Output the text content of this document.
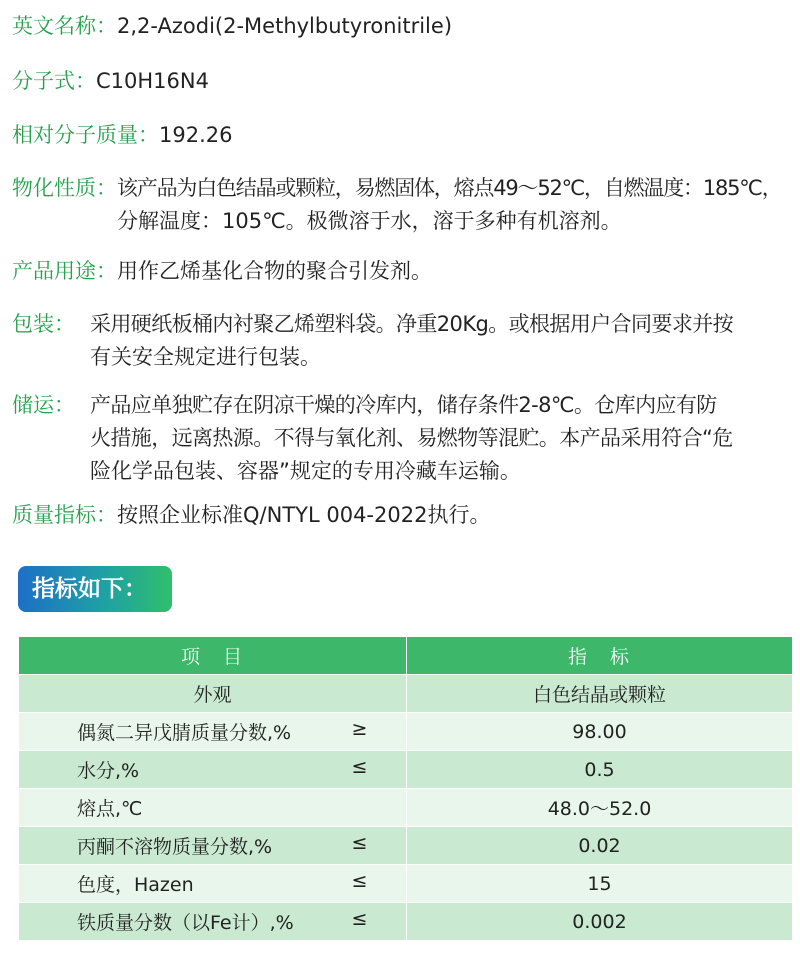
英文名称： 2,2-Azodi(2-Methylbutyronitrile)
分子式： C10H16N4
相对分子质量： 192.26
物化性质： 该产品为白色结晶或颗粒，易燃固体，熔点49～52℃，自燃温度：185℃，
分解温度：105℃。极微溶于水，溶于多种有机溶剂。
产品用途： 用作乙烯基化合物的聚合引发剂。
包装： 采用硬纸板桶内衬聚乙烯塑料袋。净重20Kg。或根据用户合同要求并按
有关安全规定进行包装。
储运： 产品应单独贮存在阴凉干燥的冷库内，储存条件2-8℃。仓库内应有防
火措施，远离热源。不得与氧化剂、易燃物等混贮。本产品采用符合“危
险化学品包装、容器”规定的专用冷藏车运输。
质量指标： 按照企业标准Q/NTYL 004-2022执行。
指标如下：
项　目	指　标
外观	白色结晶或颗粒
偶氮二异戊腈质量分数,% ≥	98.00
水分,% ≤	0.5
熔点,℃	48.0～52.0
丙酮不溶物质量分数,% ≤	0.02
色度，Hazen ≤	15
铁质量分数（以Fe计）,% ≤	0.002
